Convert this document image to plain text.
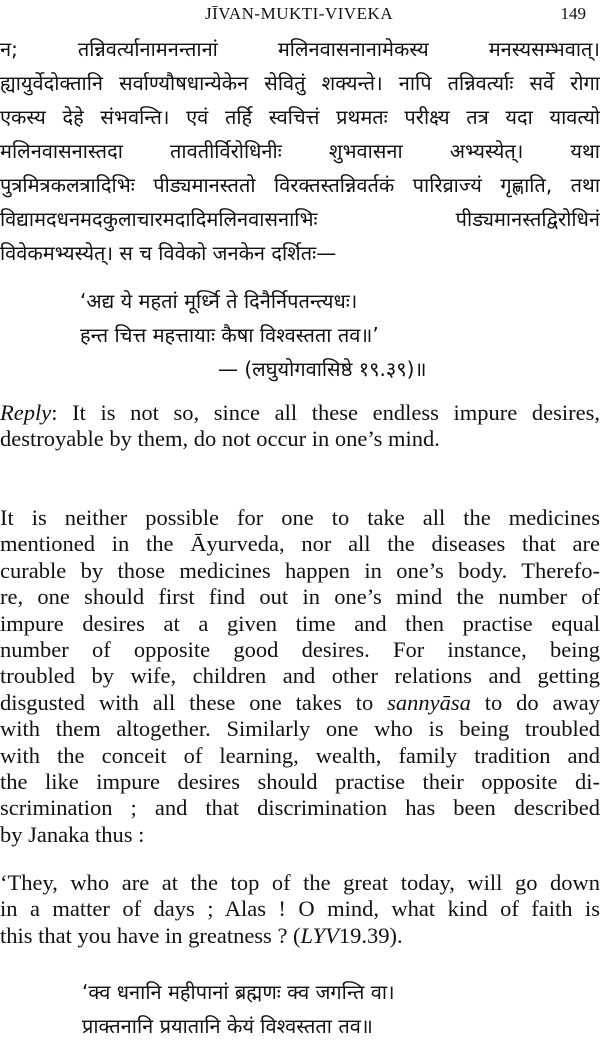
JĪVAN-MUKTI-VIVEKA	149
न; तन्निवर्त्यानामनन्तानां मलिनवासनानामेकस्य मनस्यसम्भवात्।
ह्यायुर्वेदोक्तानि सर्वाण्यौषधान्येकेन सेवितुं शक्यन्ते। नापि तन्निवर्त्याः सर्वे रोगा
एकस्य देहे संभवन्ति। एवं तर्हि स्वचित्तं प्रथमतः परीक्ष्य तत्र यदा यावत्यो
मलिनवासनास्तदा तावतीर्विरोधिनीः शुभवासना अभ्यस्येत्। यथा
पुत्रमित्रकलत्रादिभिः पीड्यमानस्ततो विरक्तस्तन्निवर्तकं पारिव्राज्यं गृह्णाति, तथा
विद्यामदधनमदकुलाचारमदादिमलिनवासनाभिः पीड्यमानस्तद्विरोधिनं
विवेकमभ्यस्येत्। स च विवेको जनकेन दर्शितः—
‘अद्य ये महतां मूर्ध्नि ते दिनैर्निपतन्त्यधः।
हन्त चित्त महत्तायाः कैषा विश्वस्तता तव॥’
— (लघुयोगवासिष्ठे १९.३९)॥
Reply: It is not so, since all these endless impure desires,
destroyable by them, do not occur in one’s mind.
It is neither possible for one to take all the medicines
mentioned in the Āyurveda, nor all the diseases that are
curable by those medicines happen in one’s body. Therefo-
re, one should first find out in one’s mind the number of
impure desires at a given time and then practise equal
number of opposite good desires. For instance, being
troubled by wife, children and other relations and getting
disgusted with all these one takes to sannyāsa to do away
with them altogether. Similarly one who is being troubled
with the conceit of learning, wealth, family tradition and
the like impure desires should practise their opposite di-
scrimination ; and that discrimination has been described
by Janaka thus :
‘They, who are at the top of the great today, will go down
in a matter of days ; Alas ! O mind, what kind of faith is
this that you have in greatness ? (LYV19.39).
‘क्व धनानि महीपानां ब्रह्मणः क्व जगन्ति वा।
प्राक्तनानि प्रयातानि केयं विश्वस्तता तव॥
